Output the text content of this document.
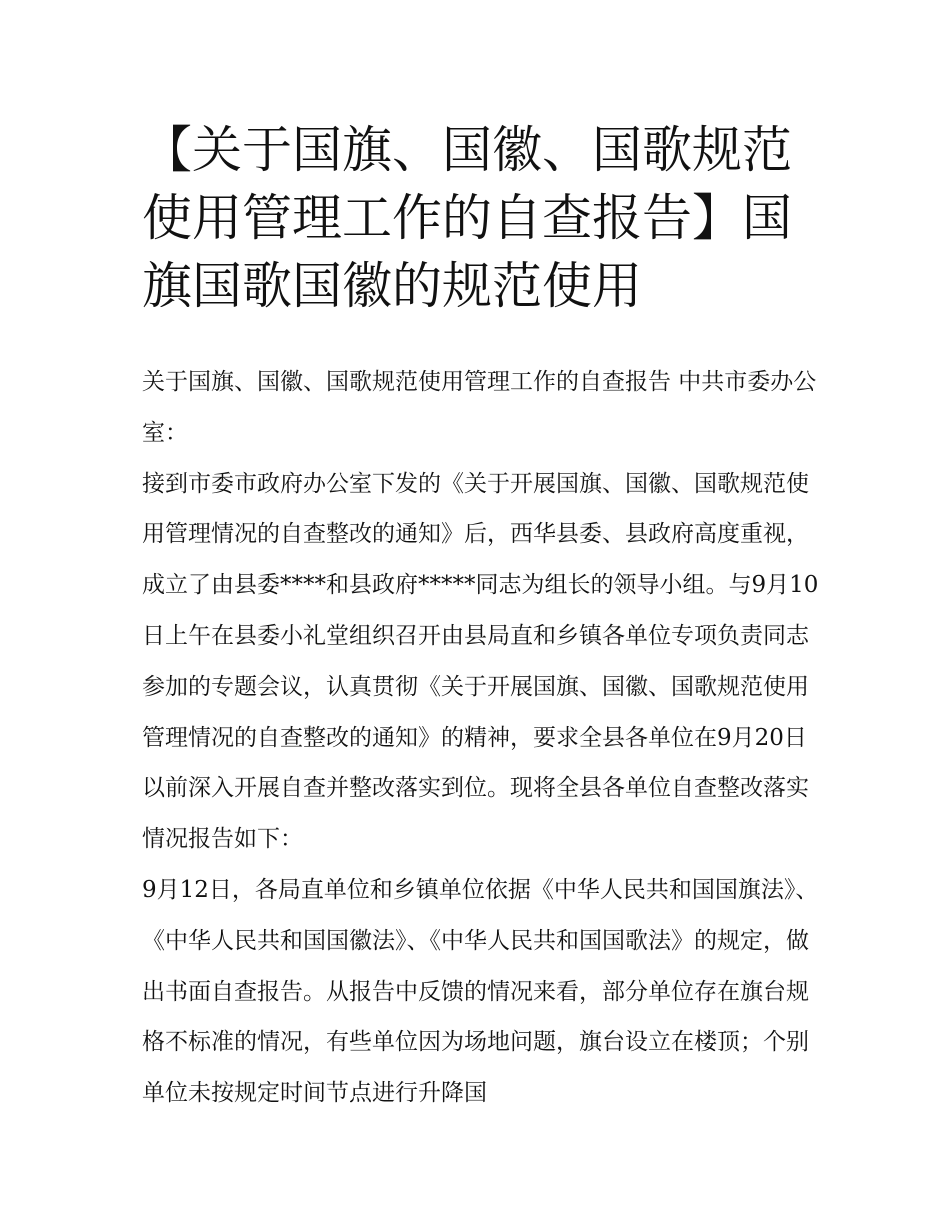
【关于国旗、国徽、国歌规范使用管理工作的自查报告】国旗国歌国徽的规范使用

关于国旗、国徽、国歌规范使用管理工作的自查报告 中共市委办公室：

接到市委市政府办公室下发的《关于开展国旗、国徽、国歌规范使用管理情况的自查整改的通知》后，西华县委、县政府高度重视，成立了由县委****和县政府*****同志为组长的领导小组。与9月10日上午在县委小礼堂组织召开由县局直和乡镇各单位专项负责同志参加的专题会议，认真贯彻《关于开展国旗、国徽、国歌规范使用管理情况的自查整改的通知》的精神，要求全县各单位在9月20日以前深入开展自查并整改落实到位。现将全县各单位自查整改落实情况报告如下：

9月12日，各局直单位和乡镇单位依据《中华人民共和国国旗法》、《中华人民共和国国徽法》、《中华人民共和国国歌法》的规定，做出书面自查报告。从报告中反馈的情况来看，部分单位存在旗台规格不标准的情况，有些单位因为场地问题，旗台设立在楼顶；个别单位未按规定时间节点进行升降国
